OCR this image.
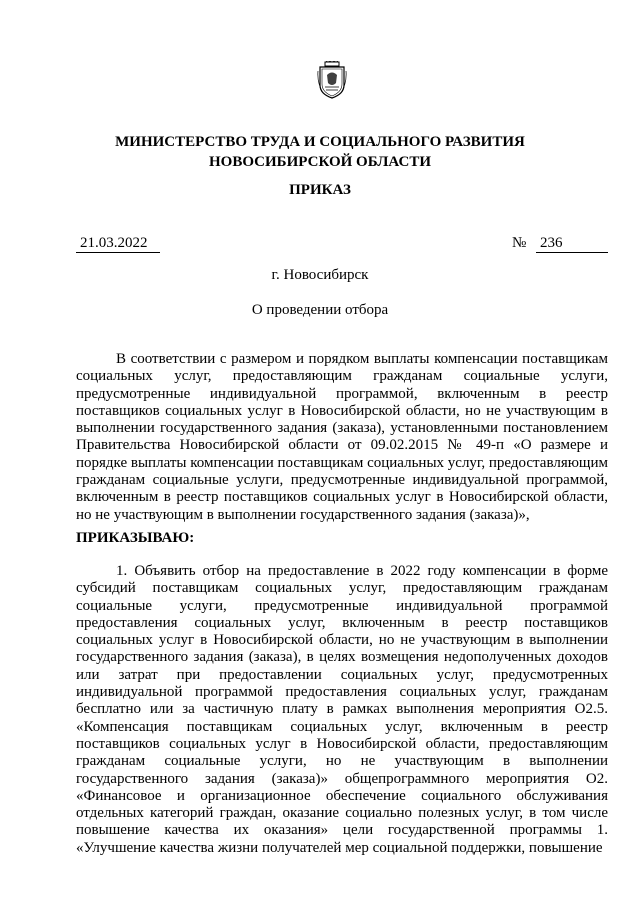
МИНИСТЕРСТВО ТРУДА И СОЦИАЛЬНОГО РАЗВИТИЯ
НОВОСИБИРСКОЙ ОБЛАСТИ
ПРИКАЗ
21.03.2022	№ 236
г. Новосибирск
О проведении отбора

В соответствии с размером и порядком выплаты компенсации поставщикам социальных услуг, предоставляющим гражданам социальные услуги, предусмотренные индивидуальной программой, включенным в реестр поставщиков социальных услуг в Новосибирской области, но не участвующим в выполнении государственного задания (заказа), установленными постановлением Правительства Новосибирской области от 09.02.2015 № 49-п «О размере и порядке выплаты компенсации поставщикам социальных услуг, предоставляющим гражданам социальные услуги, предусмотренные индивидуальной программой, включенным в реестр поставщиков социальных услуг в Новосибирской области, но не участвующим в выполнении государственного задания (заказа)»,

ПРИКАЗЫВАЮ:

1. Объявить отбор на предоставление в 2022 году компенсации в форме субсидий поставщикам социальных услуг, предоставляющим гражданам социальные услуги, предусмотренные индивидуальной программой предоставления социальных услуг, включенным в реестр поставщиков социальных услуг в Новосибирской области, но не участвующим в выполнении государственного задания (заказа), в целях возмещения недополученных доходов или затрат при предоставлении социальных услуг, предусмотренных индивидуальной программой предоставления социальных услуг, гражданам бесплатно или за частичную плату в рамках выполнения мероприятия О2.5. «Компенсация поставщикам социальных услуг, включенным в реестр поставщиков социальных услуг в Новосибирской области, предоставляющим гражданам социальные услуги, но не участвующим в выполнении государственного задания (заказа)» общепрограммного мероприятия О2. «Финансовое и организационное обеспечение социального обслуживания отдельных категорий граждан, оказание социально полезных услуг, в том числе повышение качества их оказания» цели государственной программы 1. «Улучшение качества жизни получателей мер социальной поддержки, повышение
